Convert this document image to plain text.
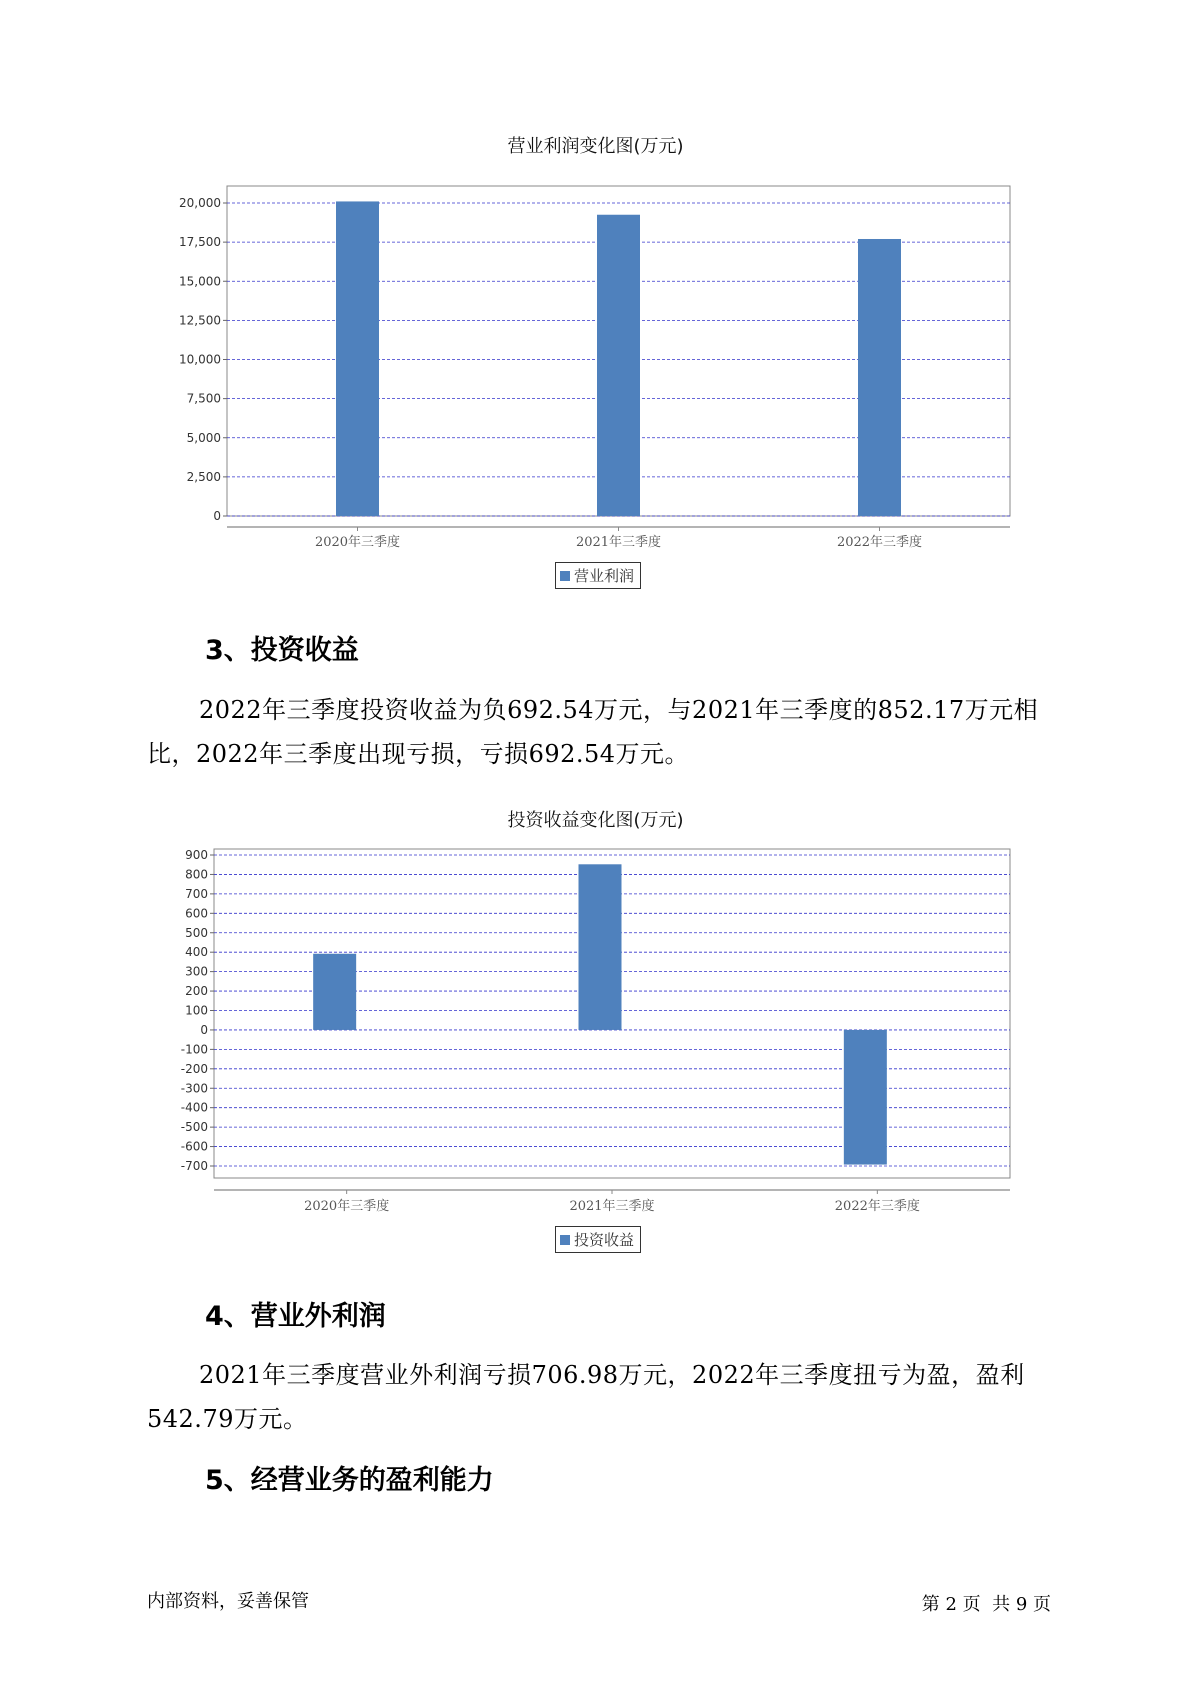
营业利润变化图(万元)
20,000
17,500
15,000
12,500
10,000
7,500
5,000
2,500
0
2020年三季度	2021年三季度	2022年三季度
营业利润
3、投资收益
2022年三季度投资收益为负692.54万元，与2021年三季度的852.17万元相比，2022年三季度出现亏损，亏损692.54万元。
投资收益变化图(万元)
900
800
700
600
500
400
300
200
100
0
-100
-200
-300
-400
-500
-600
-700
2020年三季度	2021年三季度	2022年三季度
投资收益
4、营业外利润
2021年三季度营业外利润亏损706.98万元，2022年三季度扭亏为盈，盈利542.79万元。
5、经营业务的盈利能力
内部资料，妥善保管	第 2 页  共 9 页
